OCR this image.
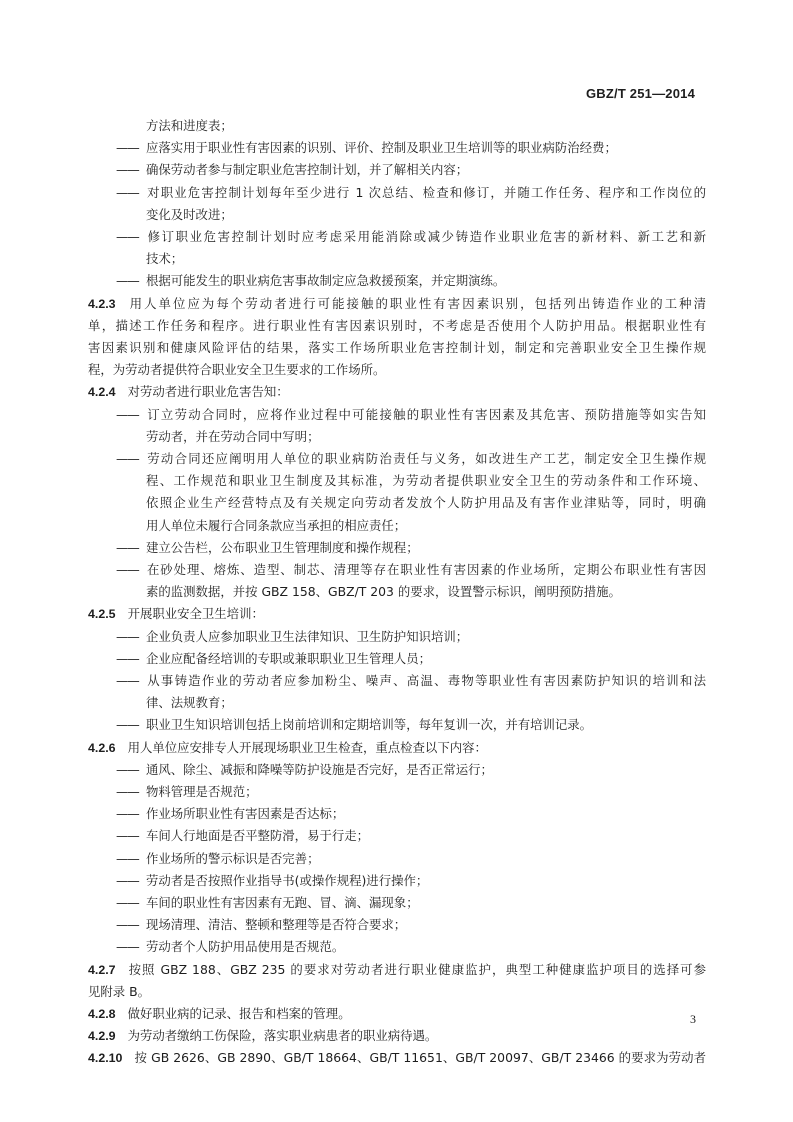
GBZ/T 251—2014
方法和进度表；
—— 应落实用于职业性有害因素的识别、评价、控制及职业卫生培训等的职业病防治经费；
—— 确保劳动者参与制定职业危害控制计划，并了解相关内容；
—— 对职业危害控制计划每年至少进行 1 次总结、检查和修订，并随工作任务、程序和工作岗位的
变化及时改进；
—— 修订职业危害控制计划时应考虑采用能消除或减少铸造作业职业危害的新材料、新工艺和新
技术；
—— 根据可能发生的职业病危害事故制定应急救援预案，并定期演练。
4.2.3 用人单位应为每个劳动者进行可能接触的职业性有害因素识别，包括列出铸造作业的工种清
单，描述工作任务和程序。进行职业性有害因素识别时，不考虑是否使用个人防护用品。根据职业性有
害因素识别和健康风险评估的结果，落实工作场所职业危害控制计划，制定和完善职业安全卫生操作规
程，为劳动者提供符合职业安全卫生要求的工作场所。
4.2.4 对劳动者进行职业危害告知：
—— 订立劳动合同时，应将作业过程中可能接触的职业性有害因素及其危害、预防措施等如实告知
劳动者，并在劳动合同中写明；
—— 劳动合同还应阐明用人单位的职业病防治责任与义务，如改进生产工艺，制定安全卫生操作规
程、工作规范和职业卫生制度及其标准，为劳动者提供职业安全卫生的劳动条件和工作环境、
依照企业生产经营特点及有关规定向劳动者发放个人防护用品及有害作业津贴等，同时，明确
用人单位未履行合同条款应当承担的相应责任；
—— 建立公告栏，公布职业卫生管理制度和操作规程；
—— 在砂处理、熔炼、造型、制芯、清理等存在职业性有害因素的作业场所，定期公布职业性有害因
素的监测数据，并按 GBZ 158、GBZ/T 203 的要求，设置警示标识，阐明预防措施。
4.2.5 开展职业安全卫生培训：
—— 企业负责人应参加职业卫生法律知识、卫生防护知识培训；
—— 企业应配备经培训的专职或兼职职业卫生管理人员；
—— 从事铸造作业的劳动者应参加粉尘、噪声、高温、毒物等职业性有害因素防护知识的培训和法
律、法规教育；
—— 职业卫生知识培训包括上岗前培训和定期培训等，每年复训一次，并有培训记录。
4.2.6 用人单位应安排专人开展现场职业卫生检查，重点检查以下内容：
—— 通风、除尘、减振和降噪等防护设施是否完好，是否正常运行；
—— 物料管理是否规范；
—— 作业场所职业性有害因素是否达标；
—— 车间人行地面是否平整防滑，易于行走；
—— 作业场所的警示标识是否完善；
—— 劳动者是否按照作业指导书(或操作规程)进行操作；
—— 车间的职业性有害因素有无跑、冒、滴、漏现象；
—— 现场清理、清洁、整顿和整理等是否符合要求；
—— 劳动者个人防护用品使用是否规范。
4.2.7 按照 GBZ 188、GBZ 235 的要求对劳动者进行职业健康监护，典型工种健康监护项目的选择可参
见附录 B。
4.2.8 做好职业病的记录、报告和档案的管理。
4.2.9 为劳动者缴纳工伤保险，落实职业病患者的职业病待遇。
4.2.10 按 GB 2626、GB 2890、GB/T 18664、GB/T 11651、GB/T 20097、GB/T 23466 的要求为劳动者
3
